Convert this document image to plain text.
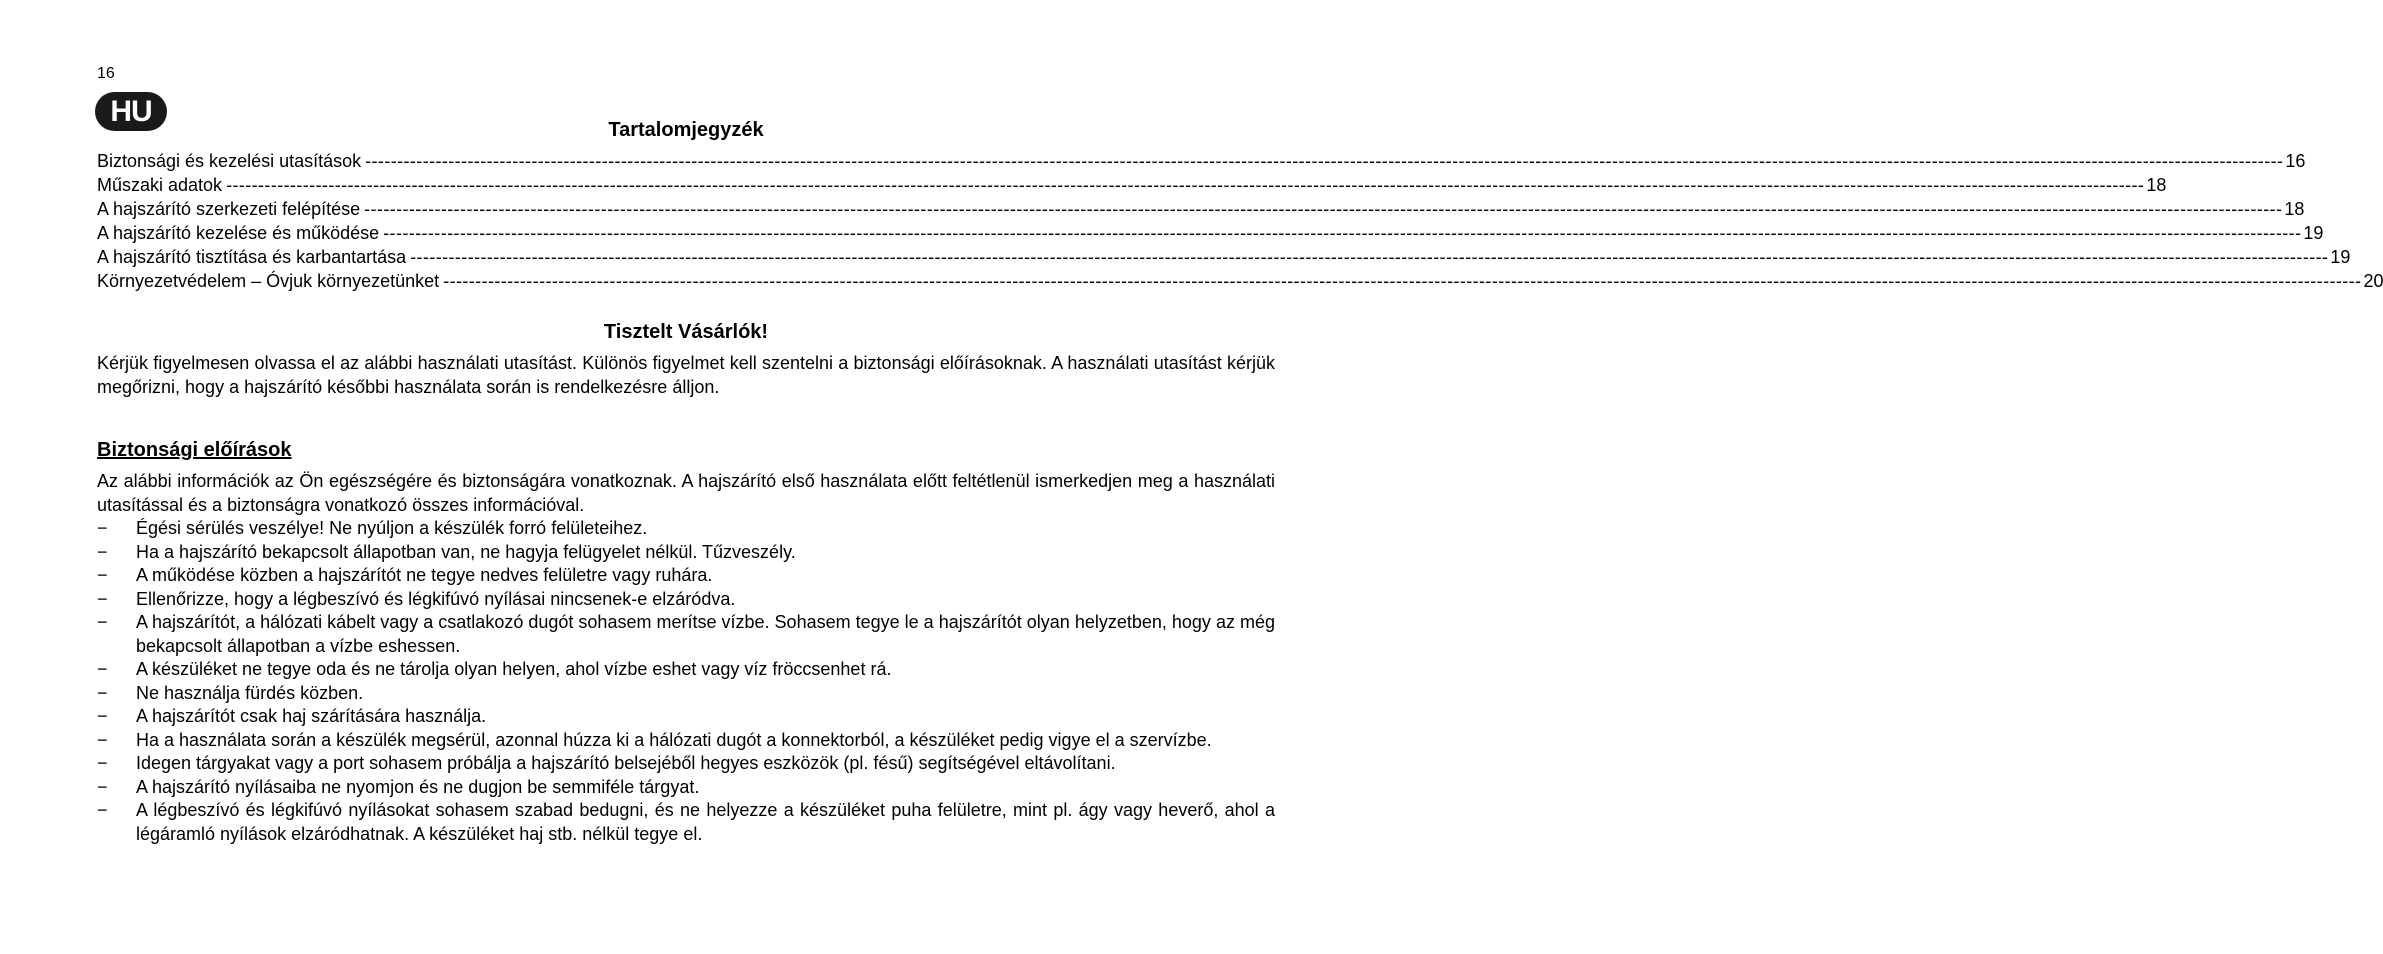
16
HU
Tartalomjegyzék
Biztonsági és kezelési utasítások ------------------------------------------------------------------------------------------------------------------------------------------------------------------------------------------------------------------------------------------------------------------------------------------------------------ 16
Műszaki adatok ------------------------------------------------------------------------------------------------------------------------------------------------------------------------------------------------------------------------------------------------------------------------------------------------------------ 18
A hajszárító szerkezeti felépítése ------------------------------------------------------------------------------------------------------------------------------------------------------------------------------------------------------------------------------------------------------------------------------------------------------------ 18
A hajszárító kezelése és működése ------------------------------------------------------------------------------------------------------------------------------------------------------------------------------------------------------------------------------------------------------------------------------------------------------------ 19
A hajszárító tisztítása és karbantartása ------------------------------------------------------------------------------------------------------------------------------------------------------------------------------------------------------------------------------------------------------------------------------------------------------------ 19
Környezetvédelem – Óvjuk környezetünket ------------------------------------------------------------------------------------------------------------------------------------------------------------------------------------------------------------------------------------------------------------------------------------------------------------ 20
Tisztelt Vásárlók!

Kérjük figyelmesen olvassa el az alábbi használati utasítást. Különös figyelmet kell szentelni a biztonsági előírásoknak. A használati utasítást kérjük megőrizni, hogy a hajszárító későbbi használata során is rendelkezésre álljon.

Biztonsági előírások

Az alábbi információk az Ön egészségére és biztonságára vonatkoznak. A hajszárító első használata előtt feltétlenül ismerkedjen meg a használati utasítással és a biztonságra vonatkozó összes információval.

−	Égési sérülés veszélye! Ne nyúljon a készülék forró felületeihez.
−	Ha a hajszárító bekapcsolt állapotban van, ne hagyja felügyelet nélkül. Tűzveszély.
−	A működése közben a hajszárítót ne tegye nedves felületre vagy ruhára.
−	Ellenőrizze, hogy a légbeszívó és légkifúvó nyílásai nincsenek-e elzáródva.
−	A hajszárítót, a hálózati kábelt vagy a csatlakozó dugót sohasem merítse vízbe. Sohasem tegye le a hajszárítót olyan helyzetben, hogy az még bekapcsolt állapotban a vízbe eshessen.
−	A készüléket ne tegye oda és ne tárolja olyan helyen, ahol vízbe eshet vagy víz fröccsenhet rá.
−	Ne használja fürdés közben.
−	A hajszárítót csak haj szárítására használja.
−	Ha a használata során a készülék megsérül, azonnal húzza ki a hálózati dugót a konnektorból, a készüléket pedig vigye el a szervízbe.
−	Idegen tárgyakat vagy a port sohasem próbálja a hajszárító belsejéből hegyes eszközök (pl. fésű) segítségével eltávolítani.
−	A hajszárító nyílásaiba ne nyomjon és ne dugjon be semmiféle tárgyat.
−	A légbeszívó és légkifúvó nyílásokat sohasem szabad bedugni, és ne helyezze a készüléket puha felületre, mint pl. ágy vagy heverő, ahol a légáramló nyílások elzáródhatnak. A készüléket haj stb. nélkül tegye el.
